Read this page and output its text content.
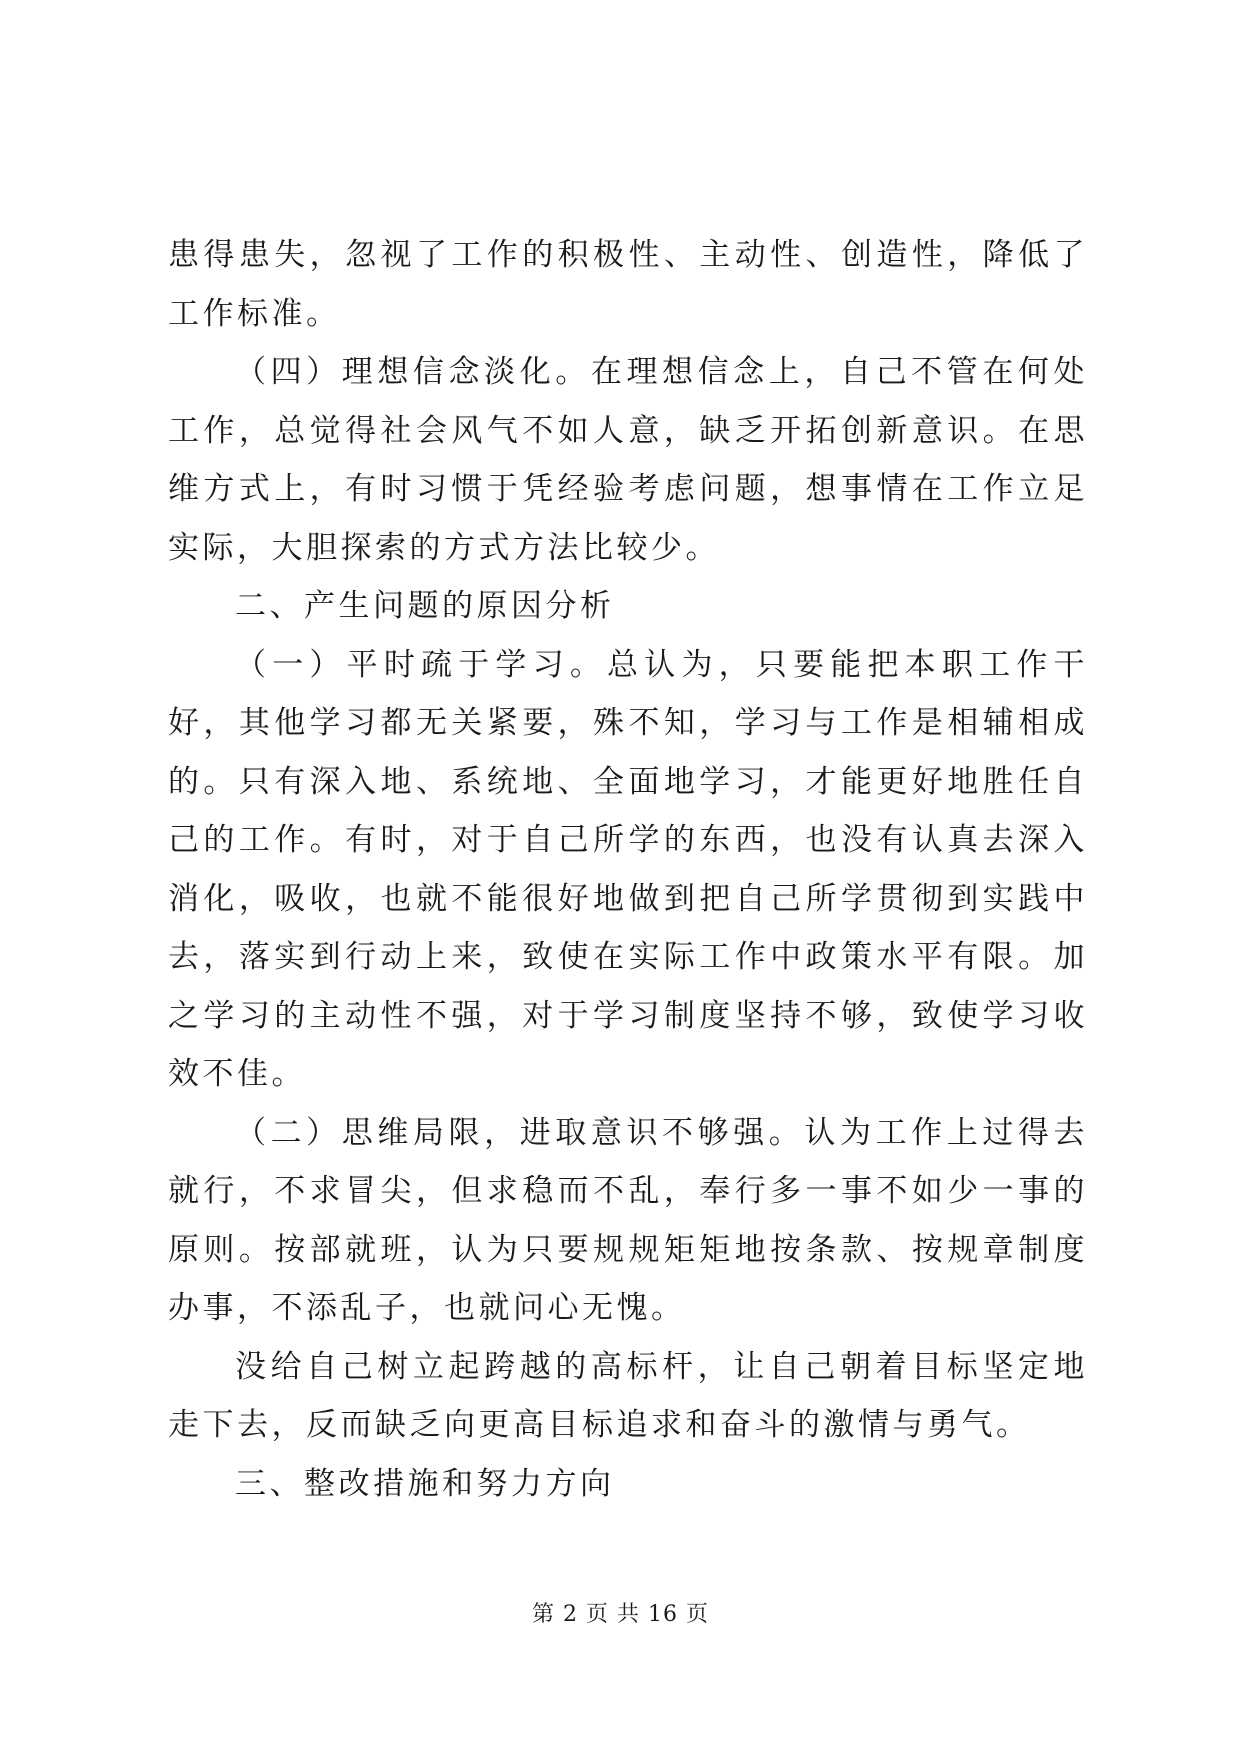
患得患失，忽视了工作的积极性、主动性、创造性，降低了工作标准。

（四）理想信念淡化。在理想信念上，自己不管在何处工作，总觉得社会风气不如人意，缺乏开拓创新意识。在思维方式上，有时习惯于凭经验考虑问题，想事情在工作立足实际，大胆探索的方式方法比较少。

二、产生问题的原因分析

（一）平时疏于学习。总认为，只要能把本职工作干好，其他学习都无关紧要，殊不知，学习与工作是相辅相成的。只有深入地、系统地、全面地学习，才能更好地胜任自己的工作。有时，对于自己所学的东西，也没有认真去深入消化，吸收，也就不能很好地做到把自己所学贯彻到实践中去，落实到行动上来，致使在实际工作中政策水平有限。加之学习的主动性不强，对于学习制度坚持不够，致使学习收效不佳。

（二）思维局限，进取意识不够强。认为工作上过得去就行，不求冒尖，但求稳而不乱，奉行多一事不如少一事的原则。按部就班，认为只要规规矩矩地按条款、按规章制度办事，不添乱子，也就问心无愧。

没给自己树立起跨越的高标杆，让自己朝着目标坚定地走下去，反而缺乏向更高目标追求和奋斗的激情与勇气。

三、整改措施和努力方向

第 2 页 共 16 页
